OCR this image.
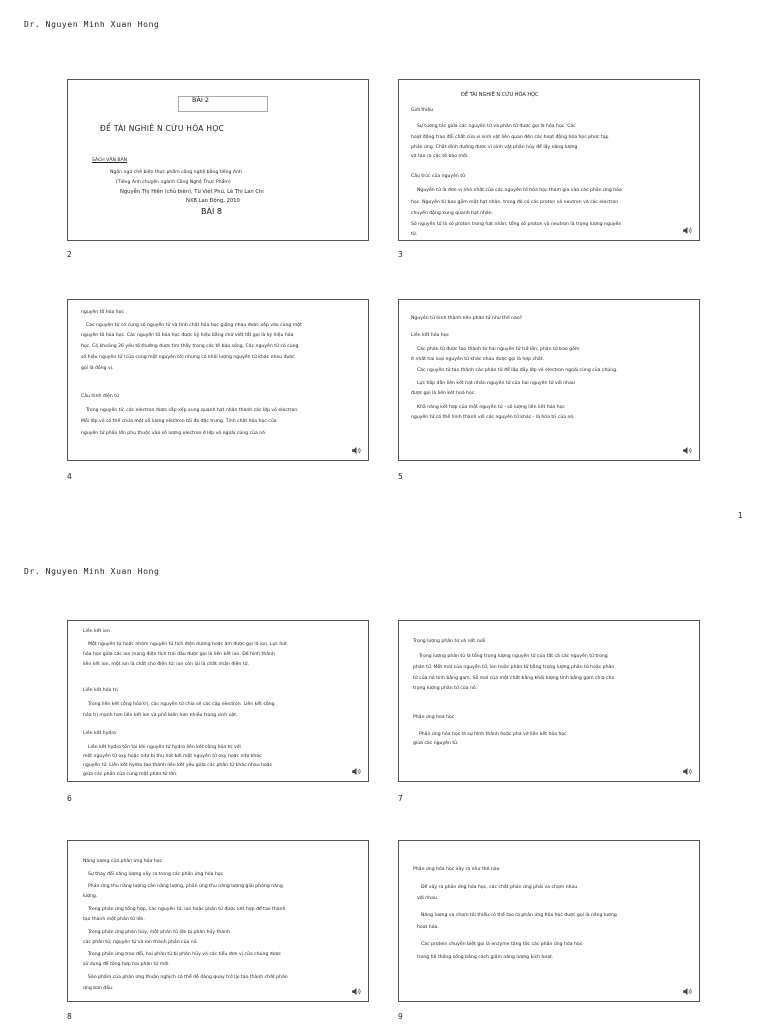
Dr. Nguyen Minh Xuan Hong
BÀI 2
ĐỀ TÀI NGHIÊ N CỨU HÓA HỌC
SÁCH VĂN BẢN
Ngôn ngữ chế biến thực phẩm công nghệ bằng tiếng Anh
(Tiếng Anh chuyên ngành Công Nghệ Thực Phẩm)
Nguyễn Thị Hiền (chủ biên), Từ Việt Phú, Lê Thị Lan Chi
NXB Lao Động, 2010
BÀI 8
2
ĐỀ TÀI NGHIÊ N CỨU HÓA HỌC
Giới thiệu
Sự tương tác giữa các nguyên tử và phân tử được gọi là hóa học. Các
hoạt động trao đổi chất của vi sinh vật liên quan đến các hoạt động hóa học phức tạp
phản ứng. Chất dinh dưỡng được vi sinh vật phân hủy để lấy năng lượng
và tạo ra các tế bào mới.
Cấu trúc của nguyên tử
Nguyên tử là đơn vị nhỏ nhất của các nguyên tố hóa học tham gia vào các phản ứng hóa
học. Nguyên tử bao gồm một hạt nhân, trong đó có các proton và neutron và các electron
chuyển động xung quanh hạt nhân.
Số nguyên tử là số proton trong hạt nhân; tổng số proton và neutron là trọng lượng nguyên
tử.
3
nguyên tố hóa học
Các nguyên tử có cùng số nguyên tử và tính chất hóa học giống nhau được xếp vào cùng một
nguyên tố hóa học. Các nguyên tố hóa học được ký hiệu bằng chữ viết tắt gọi là ký hiệu hóa
học. Có khoảng 26 yếu tố thường được tìm thấy trong các tế bào sống. Các nguyên tử có cùng
số hiệu nguyên tử (của cùng một nguyên tố) nhưng có khối lượng nguyên tử khác nhau được
gọi là đồng vị.
Cấu hình điện tử
Trong nguyên tử, các electron được sắp xếp xung quanh hạt nhân thành các lớp vỏ electron.
Mỗi lớp vỏ có thể chứa một số lượng electron tối đa đặc trưng. Tính chất hóa học của
nguyên tử phần lớn phụ thuộc vào số lượng electron ở lớp vỏ ngoài cùng của nó.
4
Nguyên tử hình thành nên phân tử như thế nào?
Liên kết hóa học
Các phân tử được tạo thành từ hai nguyên tử trở lên; phân tử bao gồm
ít nhất hai loại nguyên tử khác nhau được gọi là hợp chất.
Các nguyên tử tạo thành các phân tử để lấp đầy lớp vỏ electron ngoài cùng của chúng.
Lực hấp dẫn liên kết hạt nhân nguyên tử của hai nguyên tử với nhau
được gọi là liên kết hoá học.
Khả năng kết hợp của một nguyên tử - số lượng liên kết hóa học
nguyên tử có thể hình thành với các nguyên tử khác - là hóa trị của nó.
5
1
Dr. Nguyen Minh Xuan Hong
Liên kết ion
Một nguyên tử hoặc nhóm nguyên tử tích điện dương hoặc âm được gọi là ion. Lực hút
hóa học giữa các ion mang điện tích trái dấu được gọi là liên kết ion. Để hình thành
liên kết ion, một ion là chất cho điện tử; ion còn lại là chất nhận điện tử.
Liên kết hóa trị
Trong liên kết cộng hóa trị, các nguyên tử chia sẻ các cặp electron. Liên kết cộng
hóa trị mạnh hơn liên kết ion và phổ biến hơn nhiều trong sinh vật.
Liên kết hydro
Liên kết hydro tồn tại khi nguyên tử hydro liên kết cộng hóa trị với
một nguyên tử oxy hoặc nitơ bị thu hút bởi một nguyên tử oxy hoặc nitơ khác
nguyên tử. Liên kết hydro tạo thành liên kết yếu giữa các phân tử khác nhau hoặc
giữa các phần của cùng một phân tử lớn.
6
Trọng lượng phân tử và nốt ruồi
Trọng lượng phân tử là tổng trọng lượng nguyên tử của tất cả các nguyên tử trong
phân tử. Một mol của nguyên tử, ion hoặc phân tử bằng trọng lượng phân tử hoặc phân
tử của nó tính bằng gam. Số mol của một chất bằng khối lượng tính bằng gam chia cho
trọng lượng phân tử của nó.
Phản ứng hoá học
Phản ứng hóa học là sự hình thành hoặc phá vỡ liên kết hóa học
giữa các nguyên tử.
7
Năng lượng của phản ứng hóa học
Sự thay đổi năng lượng xảy ra trong các phản ứng hóa học.
Phản ứng thu năng lượng cần năng lượng, phản ứng thu năng lượng giải phóng năng
lượng.
Trong phản ứng tổng hợp, các nguyên tử, ion hoặc phân tử được kết hợp để tạo thành
tạo thành một phân tử lớn.
Trong phản ứng phân hủy, một phân tử lớn bị phân hủy thành
các phân tử, nguyên tử và ion thành phần của nó.
Trong phản ứng trao đổi, hai phân tử bị phân hủy và các tiểu đơn vị của chúng được
sử dụng để tổng hợp hai phân tử mới.
Sản phẩm của phản ứng thuận nghịch có thể dễ dàng quay trở lại tạo thành chất phản
ứng ban đầu.
8
Phản ứng hóa học xảy ra như thế nào
Để xảy ra phản ứng hóa học, các chất phản ứng phải va chạm nhau
với nhau.
Năng lượng va chạm tối thiểu có thể tạo ra phản ứng hóa học được gọi là năng lượng
hoạt hóa.
Các protein chuyên biệt gọi là enzyme tăng tốc các phản ứng hóa học
trong hệ thống sống bằng cách giảm năng lượng kích hoạt.
9
